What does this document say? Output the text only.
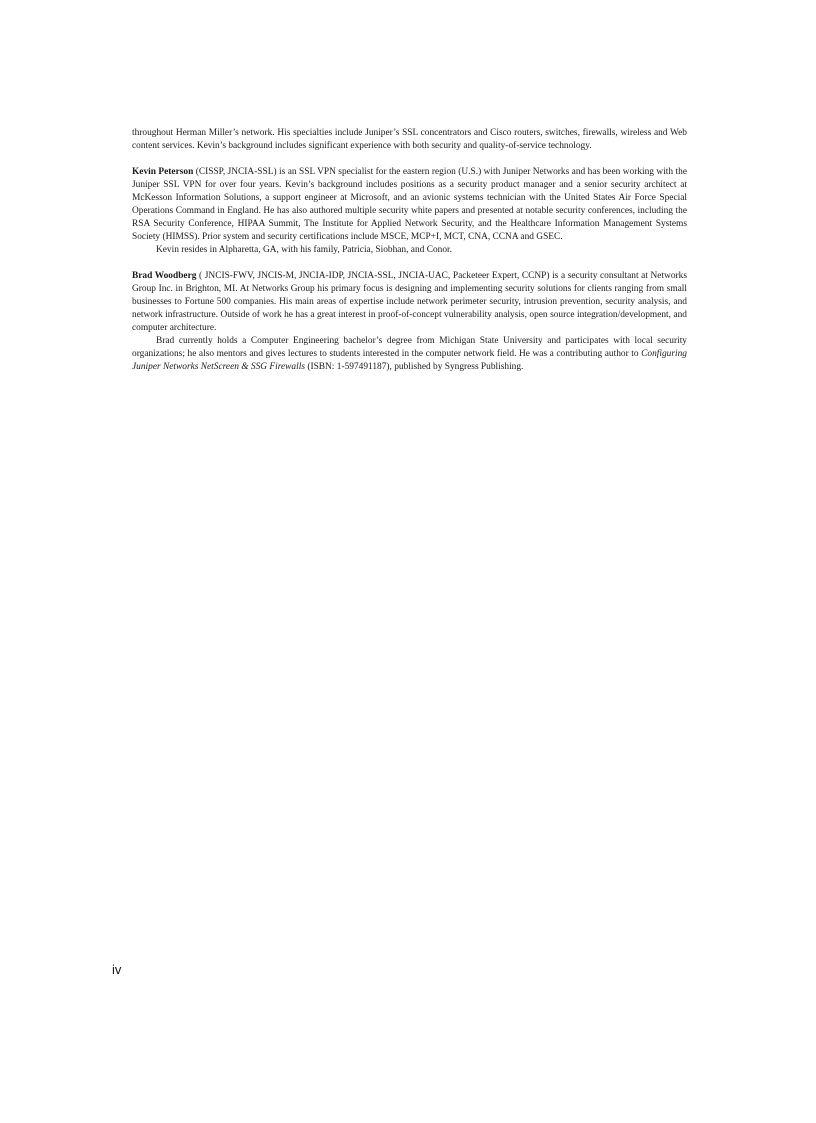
throughout Herman Miller’s network. His specialties include Juniper’s SSL concentrators and Cisco routers, switches, firewalls, wireless and Web content services. Kevin’s background includes significant experience with both security and quality-of-service technology.

Kevin Peterson (CISSP, JNCIA-SSL) is an SSL VPN specialist for the eastern region (U.S.) with Juniper Networks and has been working with the Juniper SSL VPN for over four years. Kevin’s background includes positions as a security product manager and a senior security architect at McKesson Information Solutions, a support engineer at Microsoft, and an avionic systems technician with the United States Air Force Special Operations Command in England. He has also authored multiple security white papers and presented at notable security conferences, including the RSA Security Conference, HIPAA Summit, The Institute for Applied Network Security, and the Healthcare Information Management Systems Society (HIMSS). Prior system and security certifications include MSCE, MCP+I, MCT, CNA, CCNA and GSEC.

Kevin resides in Alpharetta, GA, with his family, Patricia, Siobhan, and Conor.

Brad Woodberg ( JNCIS-FWV, JNCIS-M, JNCIA-IDP, JNCIA-SSL, JNCIA-UAC, Packeteer Expert, CCNP) is a security consultant at Networks Group Inc. in Brighton, MI. At Networks Group his primary focus is designing and implementing security solutions for clients ranging from small businesses to Fortune 500 companies. His main areas of expertise include network perimeter security, intrusion prevention, security analysis, and network infrastructure. Outside of work he has a great interest in proof-of-concept vulnerability analysis, open source integration/development, and computer architecture.

Brad currently holds a Computer Engineering bachelor’s degree from Michigan State University and participates with local security organizations; he also mentors and gives lectures to students interested in the computer network field. He was a contributing author to Configuring Juniper Networks NetScreen & SSG Firewalls (ISBN: 1-597491187), published by Syngress Publishing.

iv
